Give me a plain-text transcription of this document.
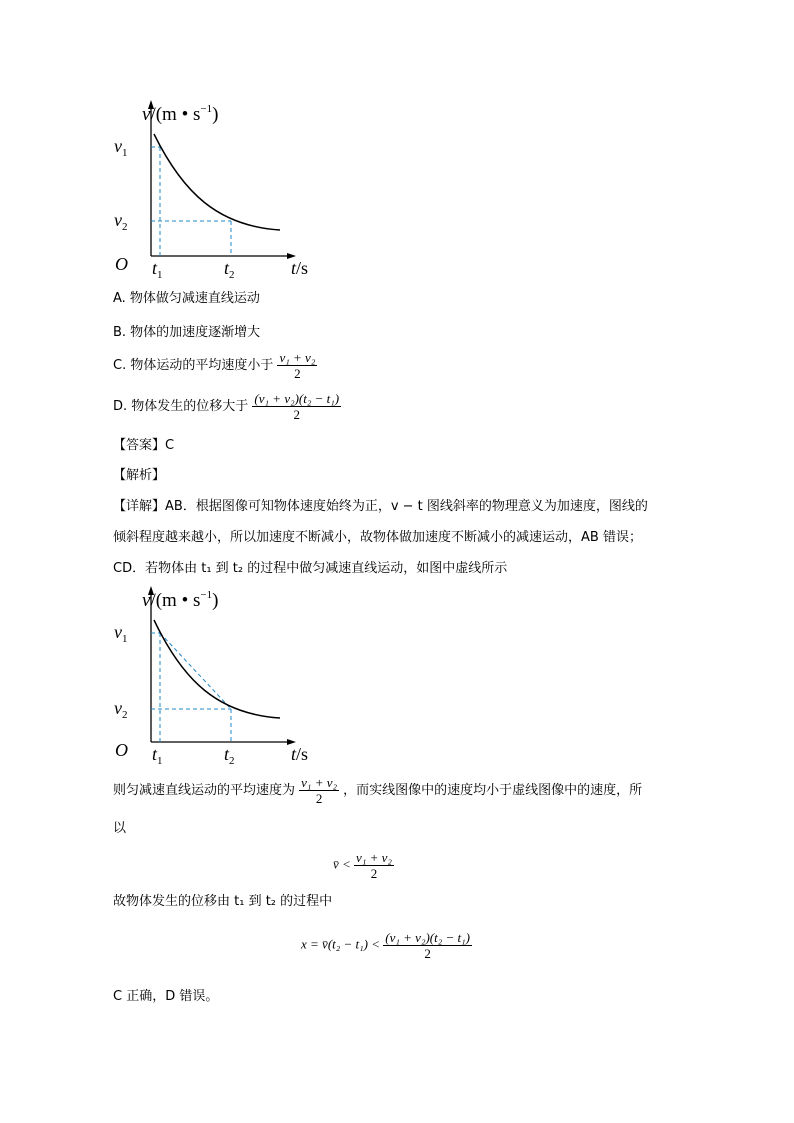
v/(m • $s^{-1}$)
$v_1$
$v_2$
O $t_1$	$t_2$	t/s
A. 物体做匀减速直线运动
B. 物体的加速度逐渐增大
C. 物体运动的平均速度小于 $\frac{\text{v₁ + v₂}}{2}$
D. 物体发生的位移大于 $\frac{\text{(v₁ + v₂)(t₂ − t₁)}}{2}$
【答案】C
【解析】
【详解】AB．根据图像可知物体速度始终为正，v − t 图线斜率的物理意义为加速度，图线的
倾斜程度越来越小，所以加速度不断减小，故物体做加速度不断减小的减速运动，AB 错误；
CD．若物体由 t₁ 到 t₂ 的过程中做匀减速直线运动，如图中虚线所示
v/(m • $s^{-1}$)
$v_1$
$v_2$
O $t_1$	$t_2$	t/s
则匀减速直线运动的平均速度为 $\frac{\text{v₁ + v₂}}{2}$ ，而实线图像中的速度均小于虚线图像中的速度，所
以
v̄ < $\frac{\text{v₁ + v₂}}{2}$
故物体发生的位移由 t₁ 到 t₂ 的过程中
x = v̄(t₂ − $t_1) < \frac{\text{(v₁ + v₂)(t₂ − t₁)}}{2}$
C 正确，D 错误。
